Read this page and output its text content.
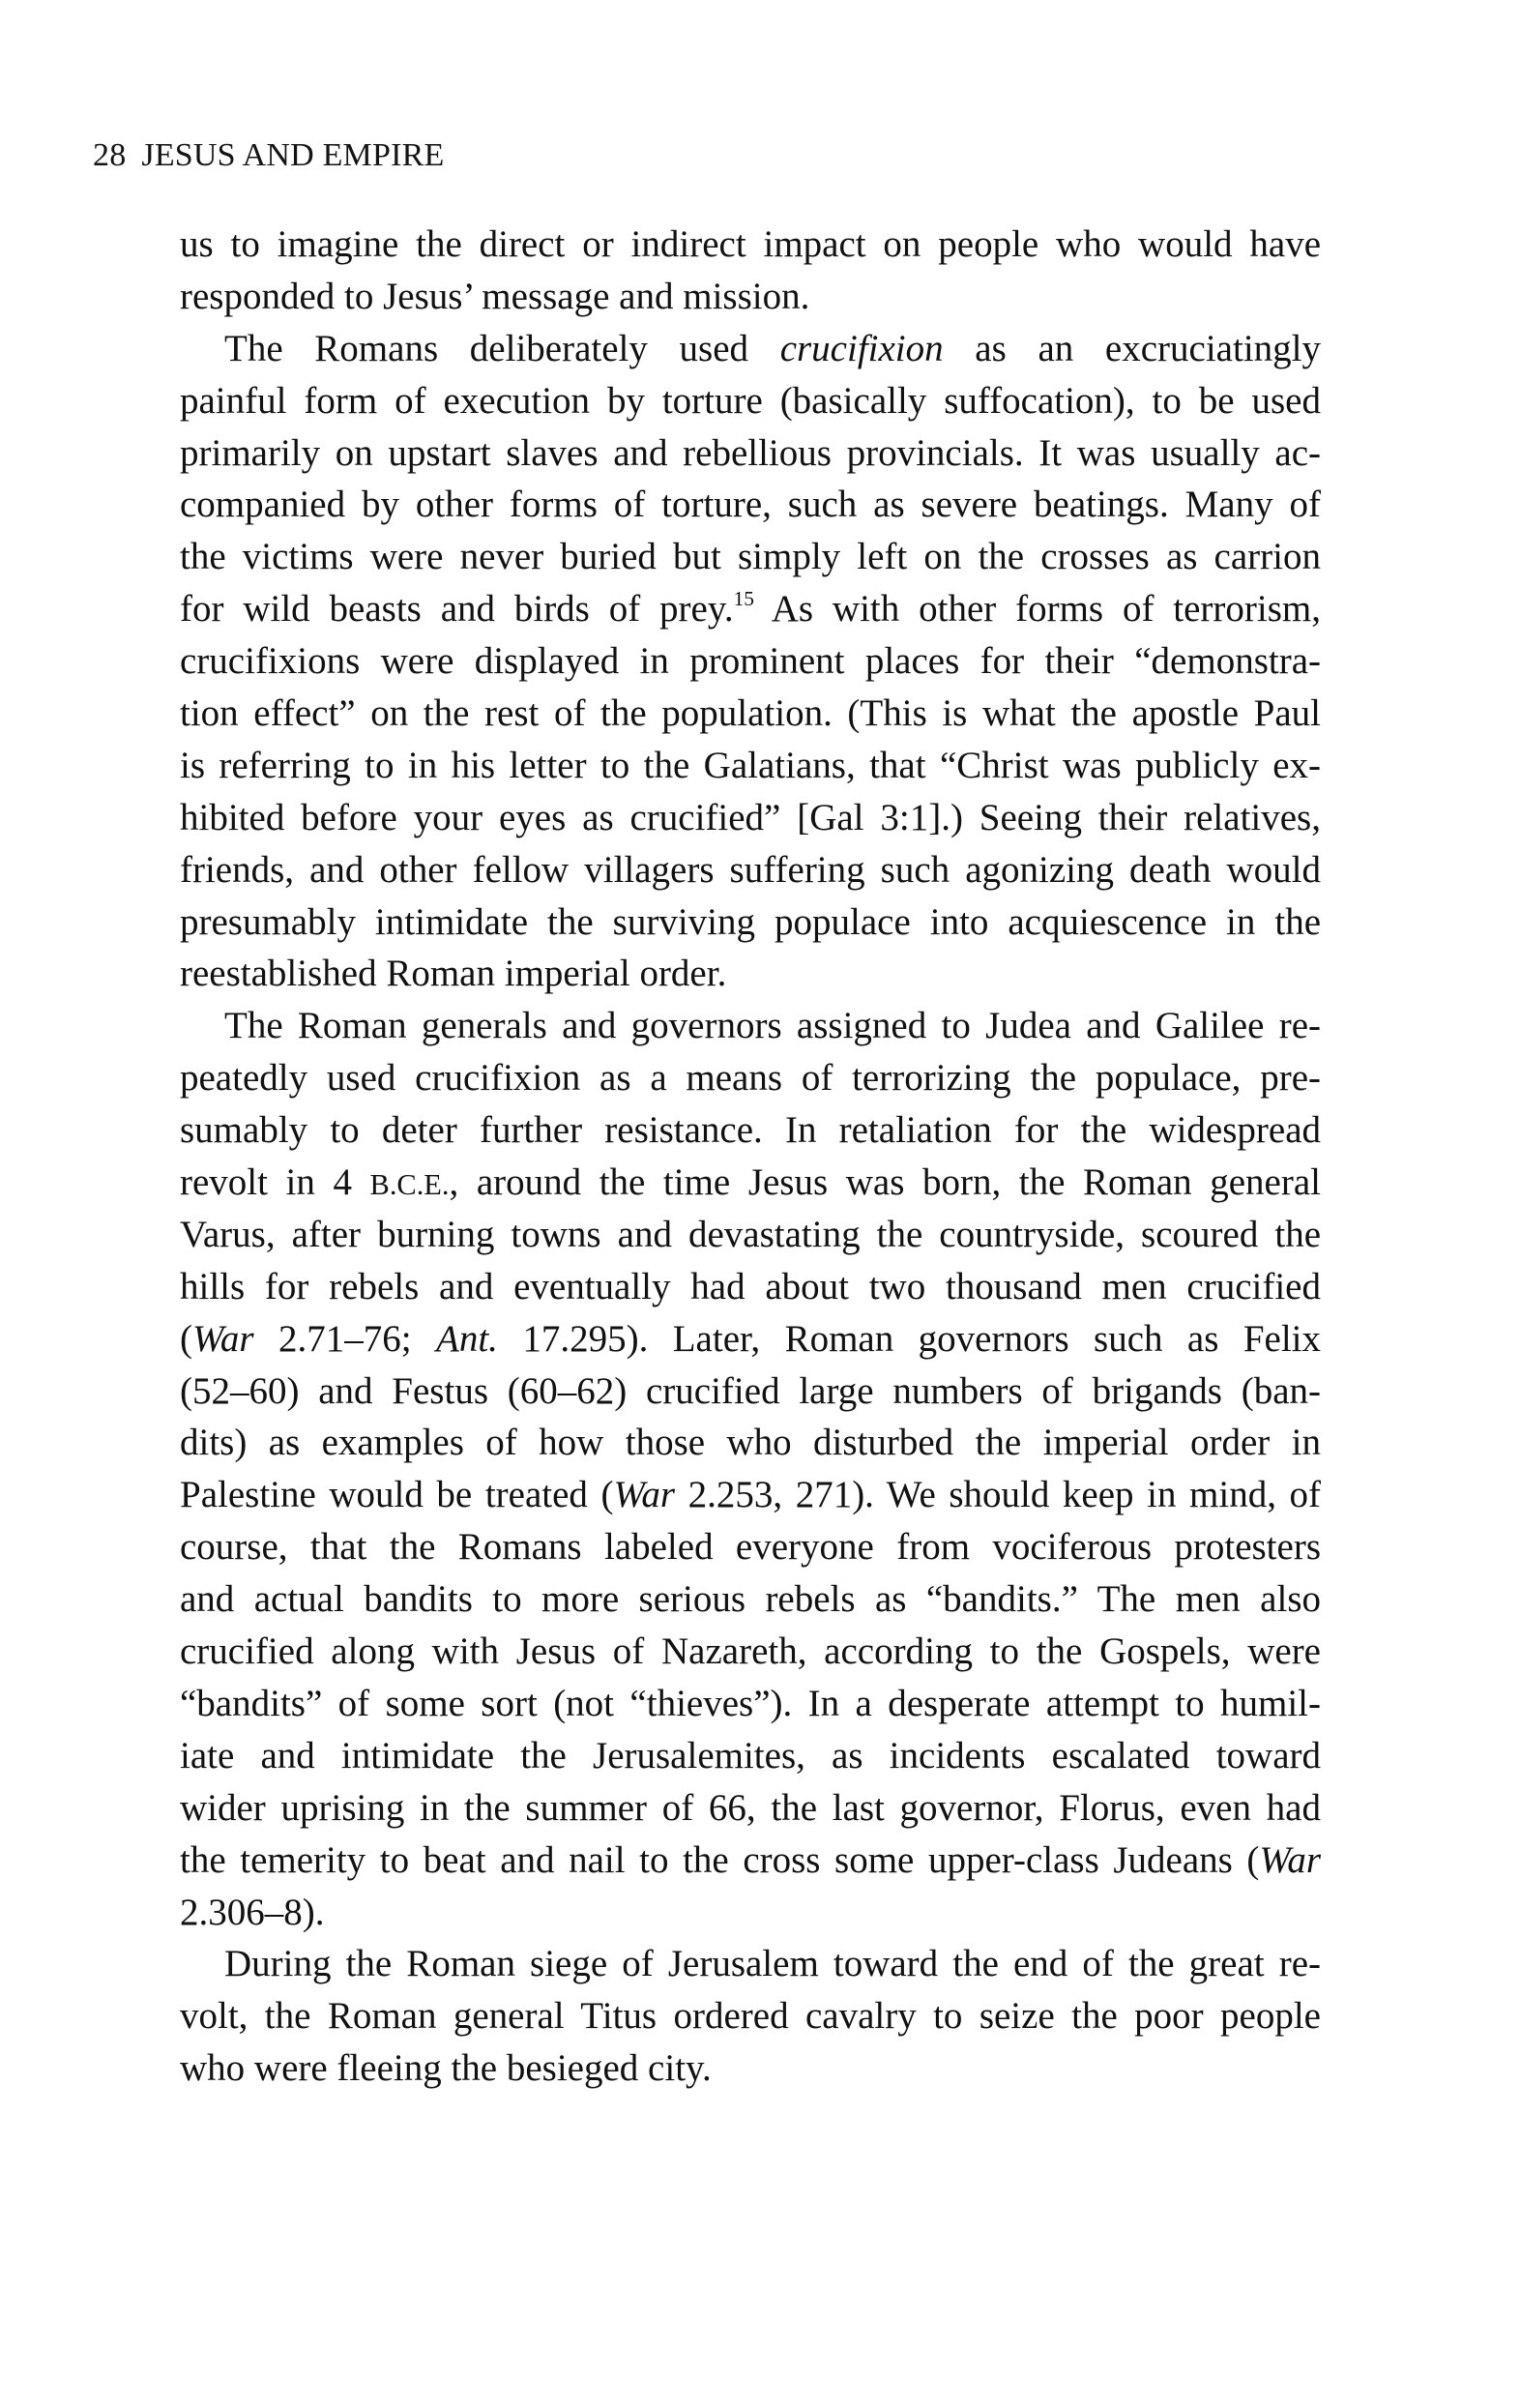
28 JESUS AND EMPIRE
us to imagine the direct or indirect impact on people who would have
responded to Jesus’ message and mission.
The Romans deliberately used crucifixion as an excruciatingly
painful form of execution by torture (basically suffocation), to be used
primarily on upstart slaves and rebellious provincials. It was usually ac-
companied by other forms of torture, such as severe beatings. Many of
the victims were never buried but simply left on the crosses as carrion
for wild beasts and birds of prey.$^{15}$ As with other forms of terrorism,
crucifixions were displayed in prominent places for their “demonstra-
tion effect” on the rest of the population. (This is what the apostle Paul
is referring to in his letter to the Galatians, that “Christ was publicly ex-
hibited before your eyes as crucified” [Gal 3:1].) Seeing their relatives,
friends, and other fellow villagers suffering such agonizing death would
presumably intimidate the surviving populace into acquiescence in the
reestablished Roman imperial order.
The Roman generals and governors assigned to Judea and Galilee re-
peatedly used crucifixion as a means of terrorizing the populace, pre-
sumably to deter further resistance. In retaliation for the widespread
revolt in 4 B.C.E., around the time Jesus was born, the Roman general
Varus, after burning towns and devastating the countryside, scoured the
hills for rebels and eventually had about two thousand men crucified
(War 2.71–76; Ant. 17.295). Later, Roman governors such as Felix
(52–60) and Festus (60–62) crucified large numbers of brigands (ban-
dits) as examples of how those who disturbed the imperial order in
Palestine would be treated (War 2.253, 271). We should keep in mind, of
course, that the Romans labeled everyone from vociferous protesters
and actual bandits to more serious rebels as “bandits.” The men also
crucified along with Jesus of Nazareth, according to the Gospels, were
“bandits” of some sort (not “thieves”). In a desperate attempt to humil-
iate and intimidate the Jerusalemites, as incidents escalated toward
wider uprising in the summer of 66, the last governor, Florus, even had
the temerity to beat and nail to the cross some upper-class Judeans (War
2.306–8).
During the Roman siege of Jerusalem toward the end of the great re-
volt, the Roman general Titus ordered cavalry to seize the poor people
who were fleeing the besieged city.
